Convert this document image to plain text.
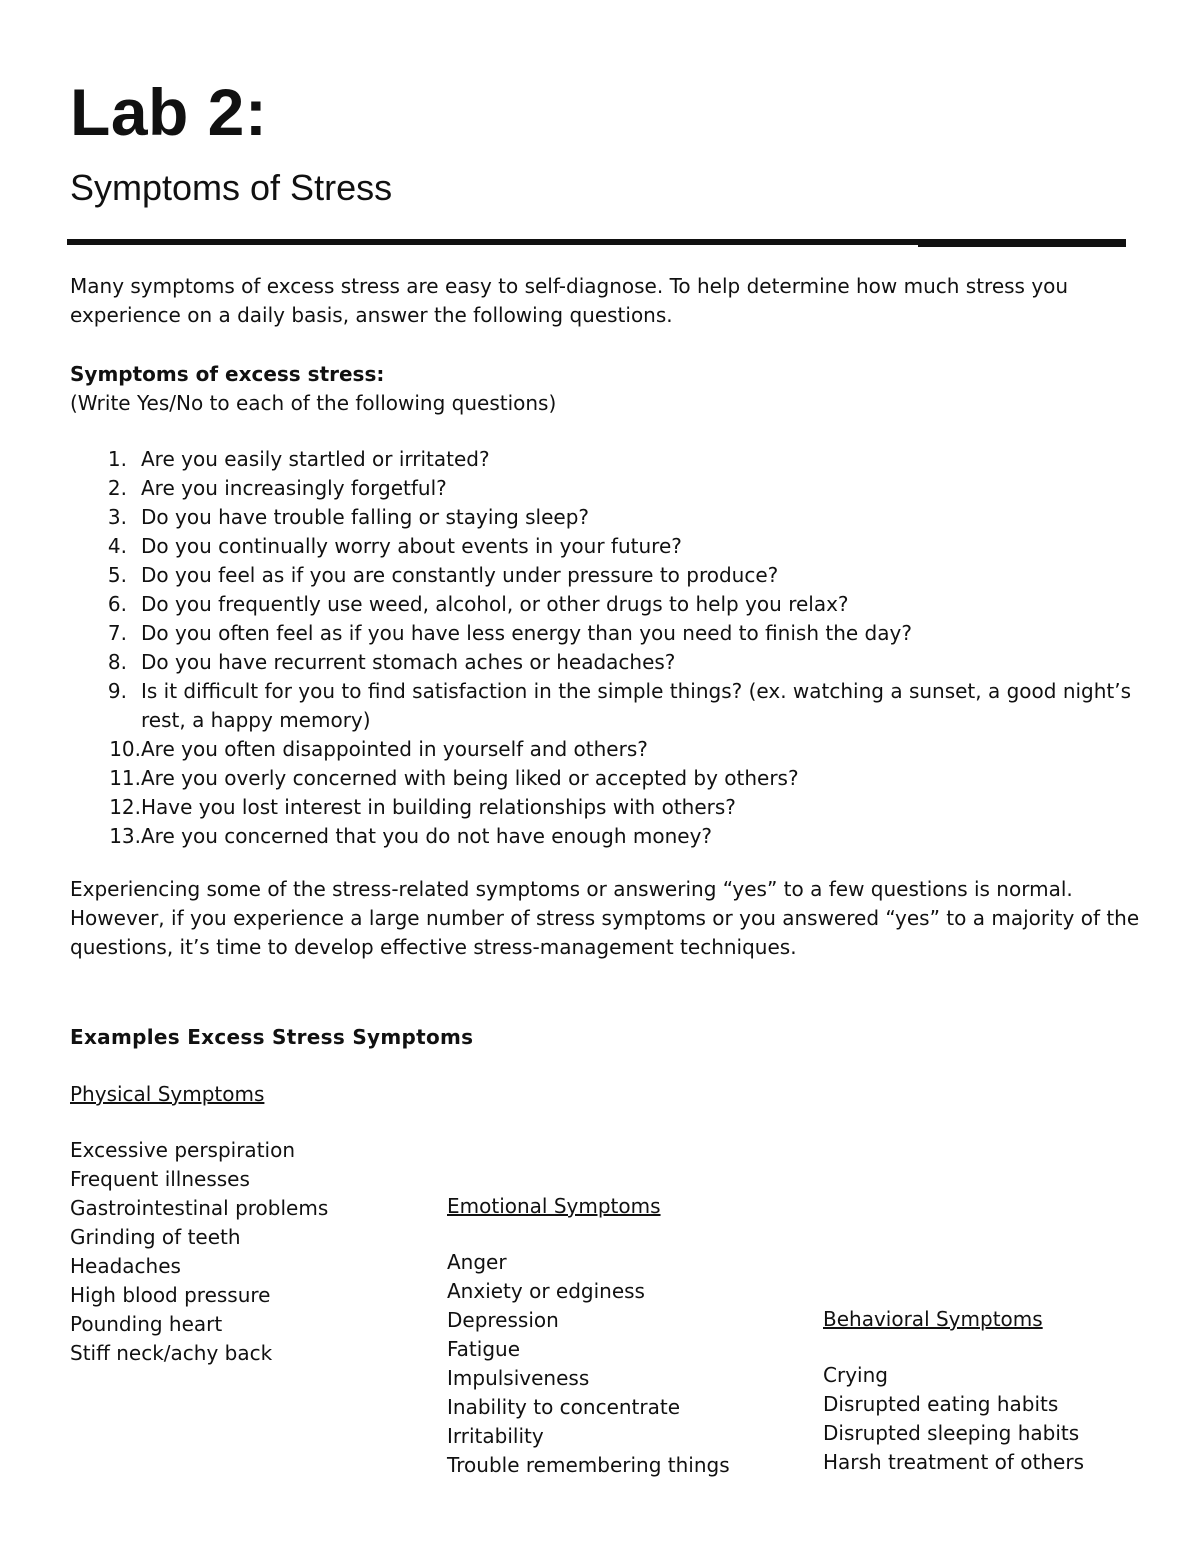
Lab 2:
Symptoms of Stress

Many symptoms of excess stress are easy to self-diagnose. To help determine how much stress you experience on a daily basis, answer the following questions.

Symptoms of excess stress:

(Write Yes/No to each of the following questions)

1. Are you easily startled or irritated?
2. Are you increasingly forgetful?
3. Do you have trouble falling or staying sleep?
4. Do you continually worry about events in your future?
5. Do you feel as if you are constantly under pressure to produce?
6. Do you frequently use weed, alcohol, or other drugs to help you relax?
7. Do you often feel as if you have less energy than you need to finish the day?
8. Do you have recurrent stomach aches or headaches?
9. Is it difficult for you to find satisfaction in the simple things? (ex. watching a sunset, a good night’s rest, a happy memory)
10. Are you often disappointed in yourself and others?
11. Are you overly concerned with being liked or accepted by others?
12. Have you lost interest in building relationships with others?
13. Are you concerned that you do not have enough money?

Experiencing some of the stress-related symptoms or answering “yes” to a few questions is normal. However, if you experience a large number of stress symptoms or you answered “yes” to a majority of the questions, it’s time to develop effective stress-management techniques.

Examples Excess Stress Symptoms

Physical Symptoms

Excessive perspiration
Frequent illnesses
Gastrointestinal problems
Grinding of teeth
Headaches
High blood pressure
Pounding heart
Stiff neck/achy back

Emotional Symptoms

Anger
Anxiety or edginess
Depression
Fatigue
Impulsiveness
Inability to concentrate
Irritability
Trouble remembering things

Behavioral Symptoms

Crying
Disrupted eating habits
Disrupted sleeping habits
Harsh treatment of others
